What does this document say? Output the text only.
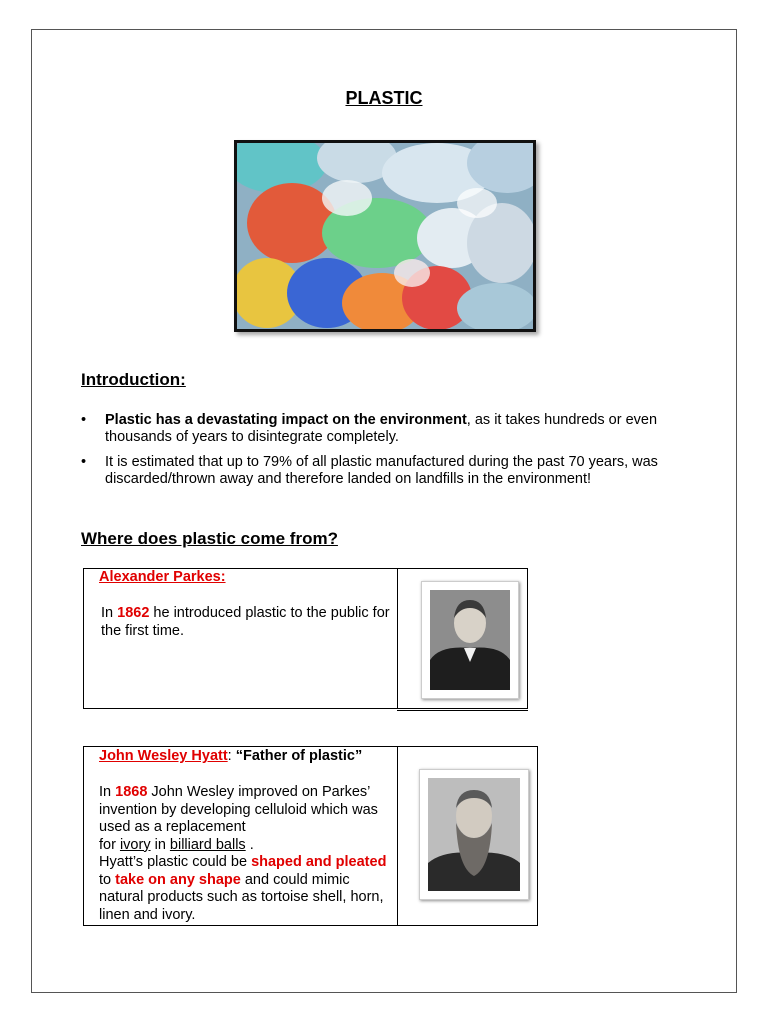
PLASTIC
Introduction:
• Plastic has a devastating impact on the environment, as it takes hundreds or even thousands of years to disintegrate completely.
• It is estimated that up to 79% of all plastic manufactured during the past 70 years, was discarded/thrown away and therefore landed on landfills in the environment!
Where does plastic come from?
Alexander Parkes:
In 1862 he introduced plastic to the public for the first time.
John Wesley Hyatt: “Father of plastic”
In 1868 John Wesley improved on Parkes’ invention by developing celluloid which was used as a replacement
for ivory in billiard balls .
Hyatt’s plastic could be shaped and pleated to take on any shape and could mimic natural products such as tortoise shell, horn, linen and ivory.
